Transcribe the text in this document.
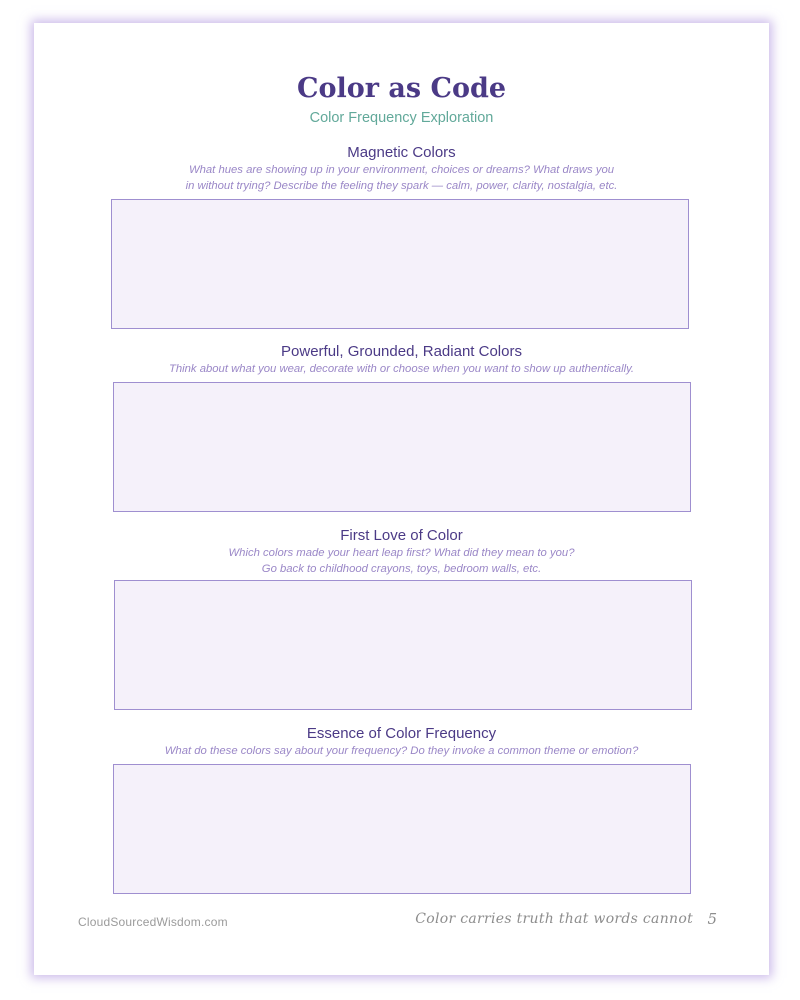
Color as Code
Color Frequency Exploration
Magnetic Colors
What hues are showing up in your environment, choices or dreams? What draws you
in without trying? Describe the feeling they spark — calm, power, clarity, nostalgia, etc.
Powerful, Grounded, Radiant Colors
Think about what you wear, decorate with or choose when you want to show up authentically.
First Love of Color
Which colors made your heart leap first? What did they mean to you?
Go back to childhood crayons, toys, bedroom walls, etc.
Essence of Color Frequency
What do these colors say about your frequency? Do they invoke a common theme or emotion?
CloudSourcedWisdom.com	Color carries truth that words cannot 5
